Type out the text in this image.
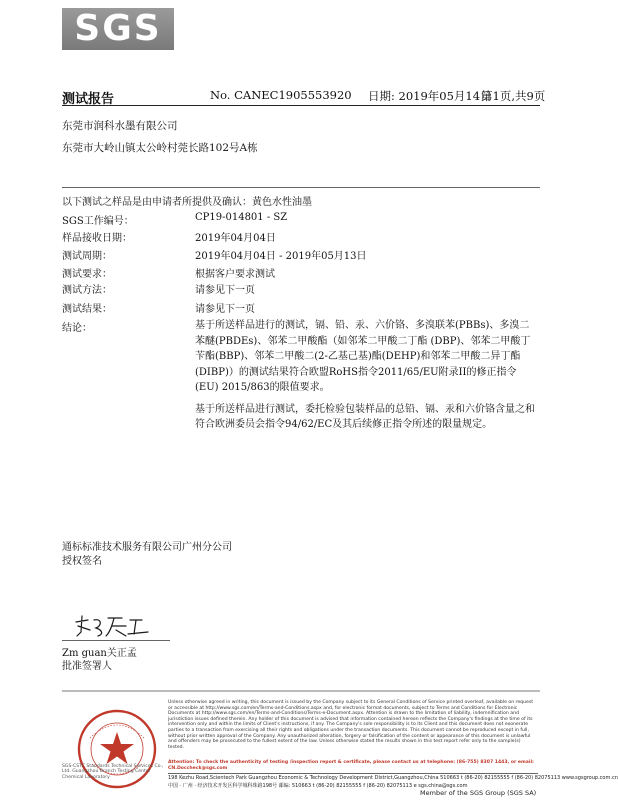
SGS
测试报告	No. CANEC1905553920 日期: 2019年05月14日
第1页,共9页
东莞市润科水墨有限公司
东莞市大岭山镇太公岭村莞长路102号A栋
以下测试之样品是由申请者所提供及确认：黄色水性油墨
SGS工作编号：	CP19-014801 - SZ
样品接收日期：	2019年04月04日
测试周期：	2019年04月04日 - 2019年05月13日
测试要求：	根据客户要求测试
测试方法：	请参见下一页
测试结果：	请参见下一页
结论：	基于所送样品进行的测试，镉、铅、汞、六价铬、多溴联苯(PBBs)、多溴二苯醚(PBDEs)、邻苯二甲酸酯（如邻苯二甲酸二丁酯 (DBP)、邻苯二甲酸丁苄酯(BBP)、邻苯二甲酸二(2-乙基己基)酯(DEHP)和邻苯二甲酸二异丁酯(DIBP)）的测试结果符合欧盟RoHS指令2011/65/EU附录II的修正指令(EU) 2015/863的限值要求。
基于所送样品进行测试，委托检验包装样品的总铅、镉、汞和六价铬含量之和符合欧洲委员会指令94/62/EC及其后续修正指令所述的限量规定。
通标标准技术服务有限公司广州分公司
授权签名
Zm guan关正孟
批准签署人
SGS-CSTC Standards Technical Services Co., Ltd. Guangzhou Branch Testing Center Chemical Laboratory
Unless otherwise agreed in writing, this document is issued by the Company subject to its General Conditions of Service printed overleaf, available on request or accessible at http://www.sgs.com/en/Terms-and-Conditions.aspx and, for electronic format documents, subject to Terms and Conditions for Electronic Documents at http://www.sgs.com/en/Terms-and-Conditions/Terms-e-Document.aspx. Attention is drawn to the limitation of liability, indemnification and jurisdiction issues defined therein. Any holder of this document is advised that information contained hereon reflects the Company's findings at the time of its intervention only and within the limits of Client's instructions, if any. The Company's sole responsibility is to its Client and this document does not exonerate parties to a transaction from exercising all their rights and obligations under the transaction documents. This document cannot be reproduced except in full, without prior written approval of the Company. Any unauthorized alteration, forgery or falsification of the content or appearance of this document is unlawful and offenders may be prosecuted to the fullest extent of the law. Unless otherwise stated the results shown in this test report refer only to the sample(s) tested.
Attention: To check the authenticity of testing /inspection report & certificate, please contact us at telephone: (86-755) 8307 1443, or email: CN.Doccheck@sgs.com
198 Kezhu Road,Scientech Park Guangzhou Economic & Technology Development District,Guangzhou,China 510663 t (86-20) 82155555 f (86-20) 82075113 www.sgsgroup.com.cn
中国 · 广州 · 经济技术开发区科学城科珠路198号 邮编: 510663 t (86-20) 82155555 f (86-20) 82075113 e sgs.china@sgs.com
Member of the SGS Group (SGS SA)
